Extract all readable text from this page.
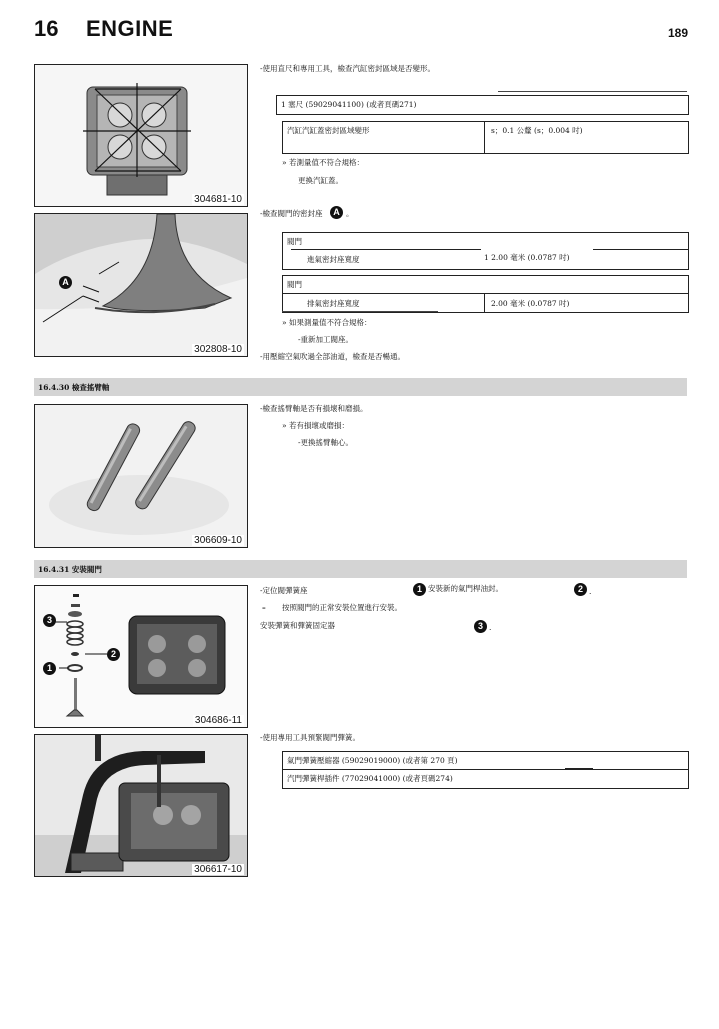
16 ENGINE	189
304681-10
A
302808-10
-使用直尺和專用工具，檢查汽缸密封區域是否變形。
1 塞尺 (59029041100) (或者頁碼271)
汽缸汽缸蓋密封區域變形	s；0.1 公釐 (s；0.004 吋)
» 若測量值不符合規格：
更換汽缸蓋。
-檢查閥門的密封座	A 。
閥門
進氣密封座寬度	1 2.00 毫米 (0.0787 吋)
閥門
排氣密封座寬度	2.00 毫米 (0.0787 吋)
» 如果測量值不符合規格：
-重新加工閥座。
-用壓縮空氣吹過全部油道，檢查是否暢通。
16.4.30 檢查搖臂軸
306609-10
-檢查搖臂軸是否有損壞和磨損。
» 若有損壞或磨損：
-更換搖臂軸心。
16.4.31 安裝閥門
3
2
1
304686-11
306617-10
-定位閥彈簧座	1 安裝新的氣門桿油封。	2 .
– 按照閥門的正常安裝位置進行安裝。
安裝彈簧和彈簧固定器	3 .
-使用專用工具預緊閥門彈簧。
氣門彈簧壓縮器 (59029019000) (或者第 270 頁)
汽門彈簧桿插件 (77029041000) (或者頁碼274)
